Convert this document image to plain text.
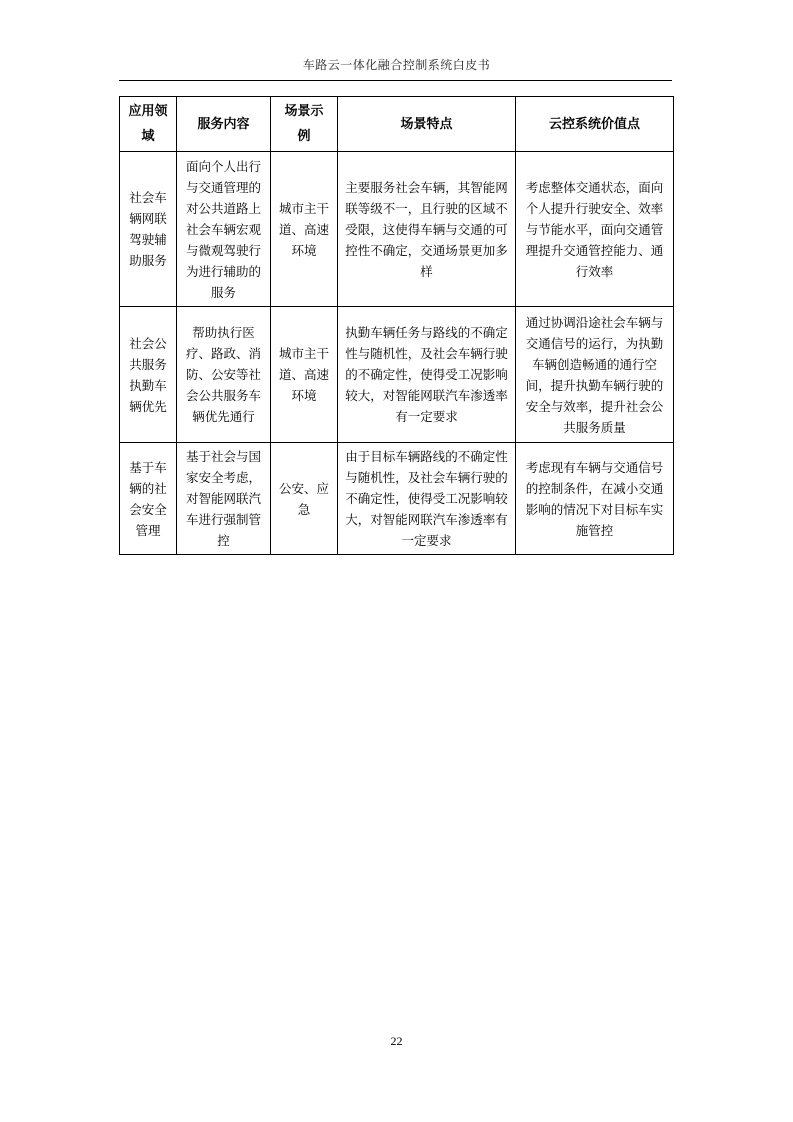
车路云一体化融合控制系统白皮书
应用领域	服务内容	场景示例	场景特点	云控系统价值点
社会车辆网联驾驶辅助服务	面向个人出行与交通管理的对公共道路上社会车辆宏观与微观驾驶行为进行辅助的服务	城市主干道、高速环境	主要服务社会车辆，其智能网联等级不一，且行驶的区域不受限，这使得车辆与交通的可控性不确定，交通场景更加多样	考虑整体交通状态，面向个人提升行驶安全、效率与节能水平，面向交通管理提升交通管控能力、通行效率
社会公共服务执勤车辆优先	帮助执行医疗、路政、消防、公安等社会公共服务车辆优先通行	城市主干道、高速环境	执勤车辆任务与路线的不确定性与随机性，及社会车辆行驶的不确定性，使得受工况影响较大，对智能网联汽车渗透率有一定要求	通过协调沿途社会车辆与交通信号的运行，为执勤车辆创造畅通的通行空间，提升执勤车辆行驶的安全与效率，提升社会公共服务质量
基于车辆的社会安全管理	基于社会与国家安全考虑，对智能网联汽车进行强制管控	公安、应急	由于目标车辆路线的不确定性与随机性，及社会车辆行驶的不确定性，使得受工况影响较大，对智能网联汽车渗透率有一定要求	考虑现有车辆与交通信号的控制条件，在减小交通影响的情况下对目标车实施管控
22
